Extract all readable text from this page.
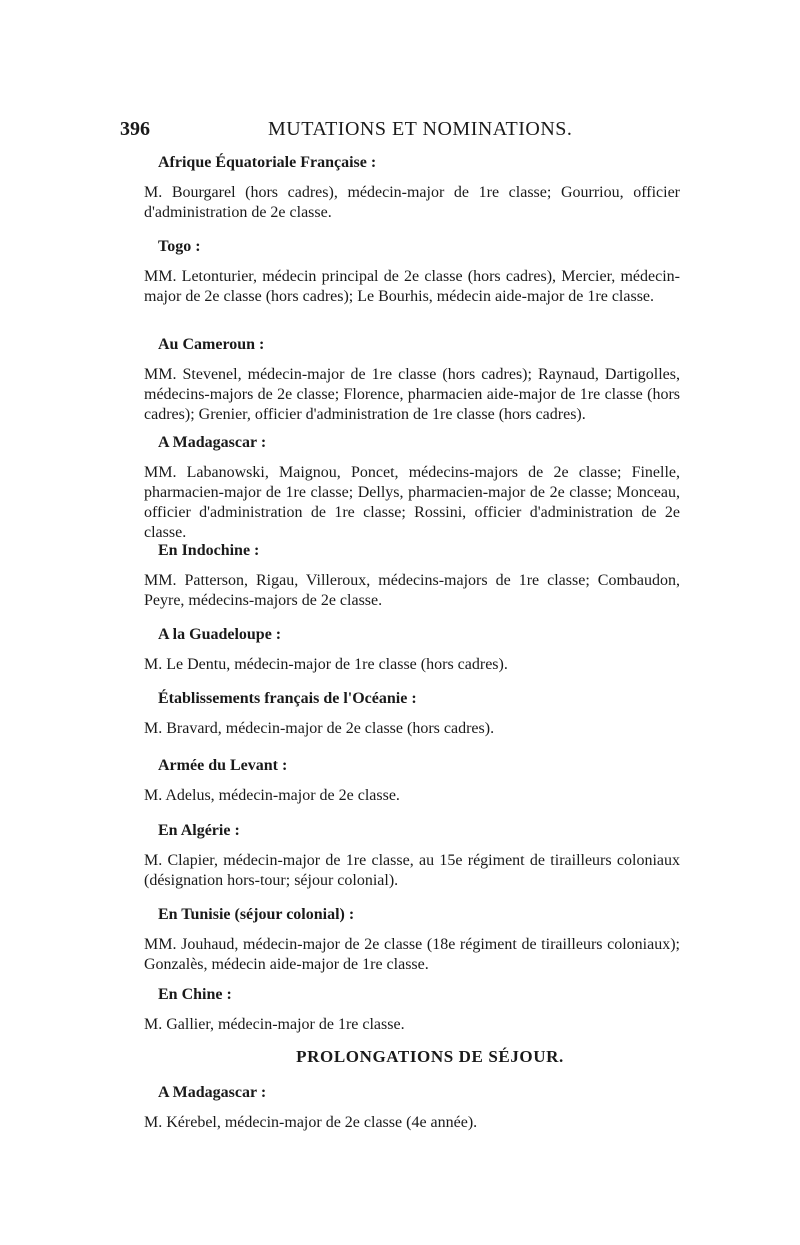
396	MUTATIONS ET NOMINATIONS.
Afrique Équatoriale Française :
M. Bourgarel (hors cadres), médecin-major de 1re classe; Gourriou, officier d'administration de 2e classe.
Togo :
MM. Letonturier, médecin principal de 2e classe (hors cadres), Mercier, médecin-major de 2e classe (hors cadres); Le Bourhis, médecin aide-major de 1re classe.
Au Cameroun :
MM. Stevenel, médecin-major de 1re classe (hors cadres); Raynaud, Dartigolles, médecins-majors de 2e classe; Florence, pharmacien aide-major de 1re classe (hors cadres); Grenier, officier d'administration de 1re classe (hors cadres).
A Madagascar :
MM. Labanowski, Maignou, Poncet, médecins-majors de 2e classe; Finelle, pharmacien-major de 1re classe; Dellys, pharmacien-major de 2e classe; Monceau, officier d'administration de 1re classe; Rossini, officier d'administration de 2e classe.
En Indochine :
MM. Patterson, Rigau, Villeroux, médecins-majors de 1re classe; Combaudon, Peyre, médecins-majors de 2e classe.
A la Guadeloupe :
M. Le Dentu, médecin-major de 1re classe (hors cadres).
Établissements français de l'Océanie :
M. Bravard, médecin-major de 2e classe (hors cadres).
Armée du Levant :
M. Adelus, médecin-major de 2e classe.
En Algérie :
M. Clapier, médecin-major de 1re classe, au 15e régiment de tirailleurs coloniaux (désignation hors-tour; séjour colonial).
En Tunisie (séjour colonial) :
MM. Jouhaud, médecin-major de 2e classe (18e régiment de tirailleurs coloniaux); Gonzalès, médecin aide-major de 1re classe.
En Chine :
M. Gallier, médecin-major de 1re classe.
PROLONGATIONS DE SÉJOUR.
A Madagascar :
M. Kérebel, médecin-major de 2e classe (4e année).
